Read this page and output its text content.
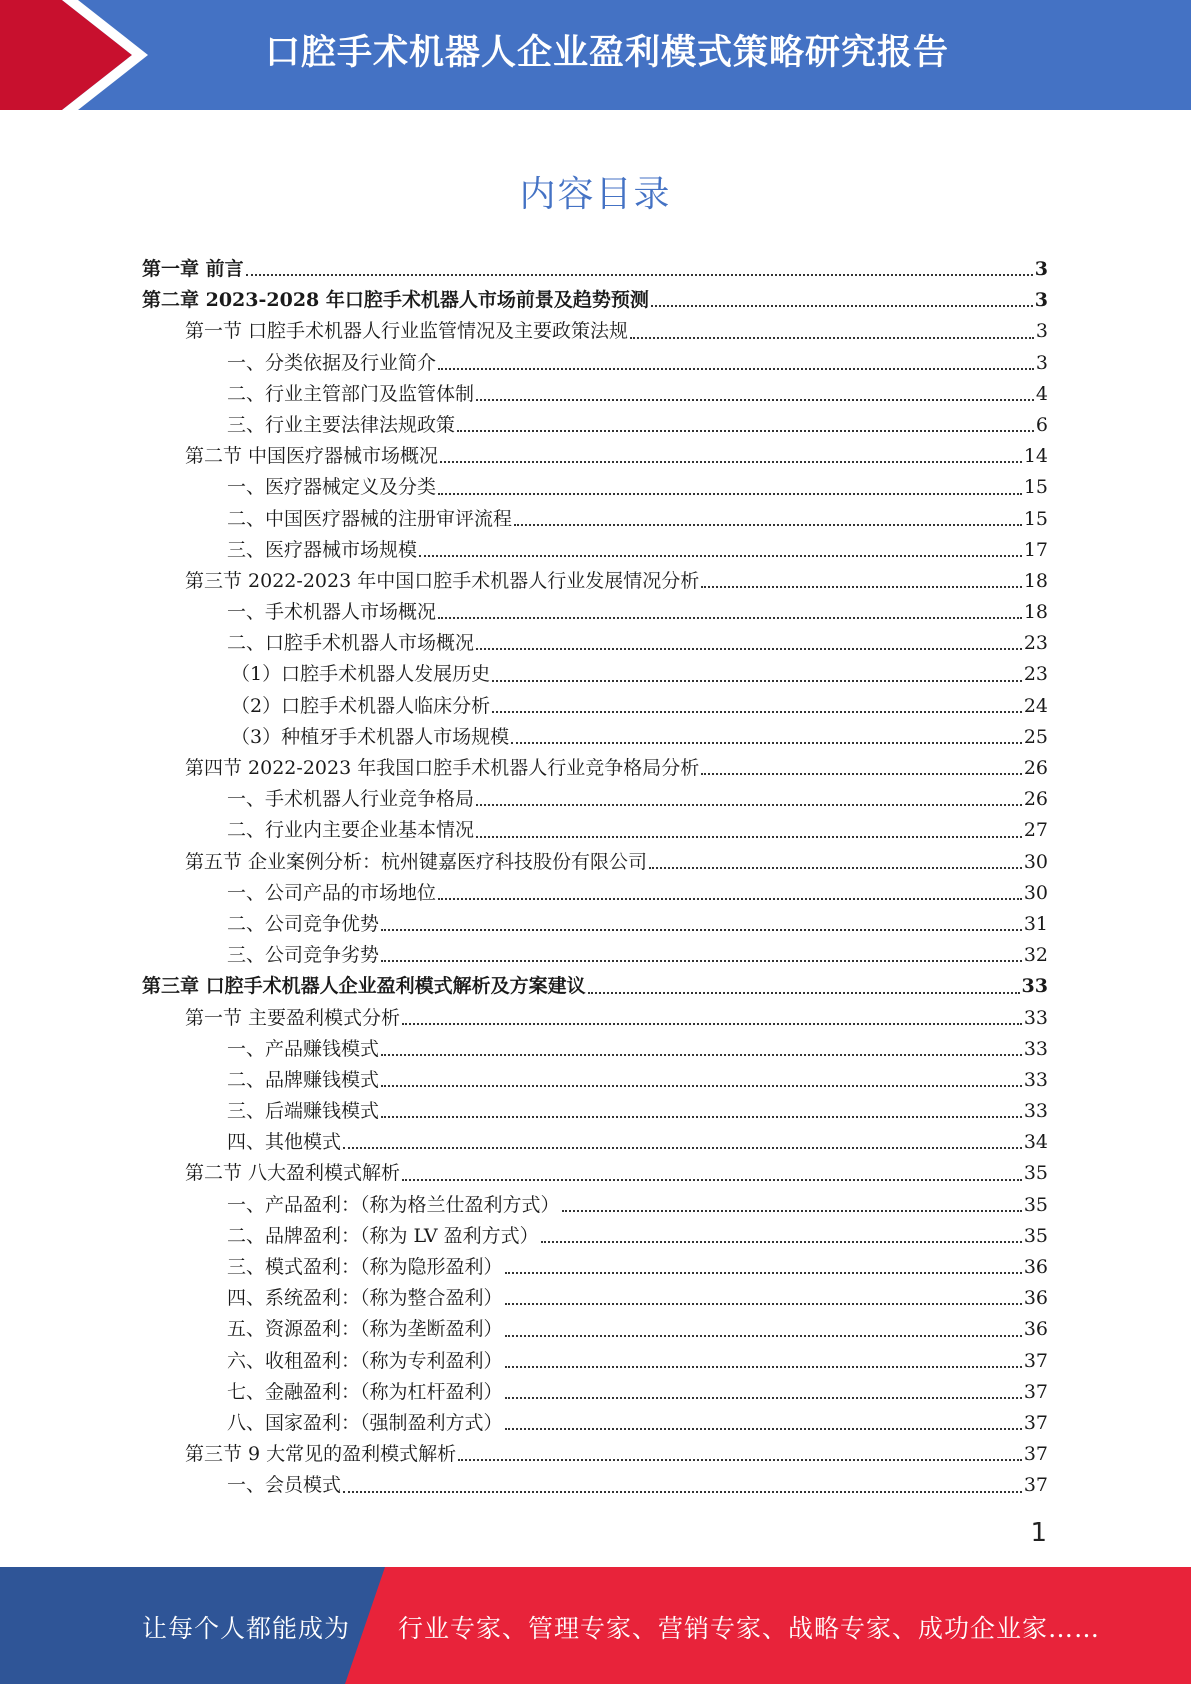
口腔手术机器人企业盈利模式策略研究报告
内容目录
第一章 前言	3
第二章 2023-2028 年口腔手术机器人市场前景及趋势预测	3
第一节 口腔手术机器人行业监管情况及主要政策法规	3
一、分类依据及行业简介	3
二、行业主管部门及监管体制	4
三、行业主要法律法规政策	6
第二节 中国医疗器械市场概况	14
一、医疗器械定义及分类	15
二、中国医疗器械的注册审评流程	15
三、医疗器械市场规模	17
第三节 2022-2023 年中国口腔手术机器人行业发展情况分析	18
一、手术机器人市场概况	18
二、口腔手术机器人市场概况	23
（1）口腔手术机器人发展历史	23
（2）口腔手术机器人临床分析	24
（3）种植牙手术机器人市场规模	25
第四节 2022-2023 年我国口腔手术机器人行业竞争格局分析	26
一、手术机器人行业竞争格局	26
二、行业内主要企业基本情况	27
第五节 企业案例分析：杭州键嘉医疗科技股份有限公司	30
一、公司产品的市场地位	30
二、公司竞争优势	31
三、公司竞争劣势	32
第三章 口腔手术机器人企业盈利模式解析及方案建议	33
第一节 主要盈利模式分析	33
一、产品赚钱模式	33
二、品牌赚钱模式	33
三、后端赚钱模式	33
四、其他模式	34
第二节 八大盈利模式解析	35
一、产品盈利：（称为格兰仕盈利方式）	35
二、品牌盈利：（称为 LV 盈利方式）	35
三、模式盈利：（称为隐形盈利）	36
四、系统盈利：（称为整合盈利）	36
五、资源盈利：（称为垄断盈利）	36
六、收租盈利：（称为专利盈利）	37
七、金融盈利：（称为杠杆盈利）	37
八、国家盈利：（强制盈利方式）	37
第三节 9 大常见的盈利模式解析	37
一、会员模式	37
1
让每个人都能成为 行业专家、管理专家、营销专家、战略专家、成功企业家……
